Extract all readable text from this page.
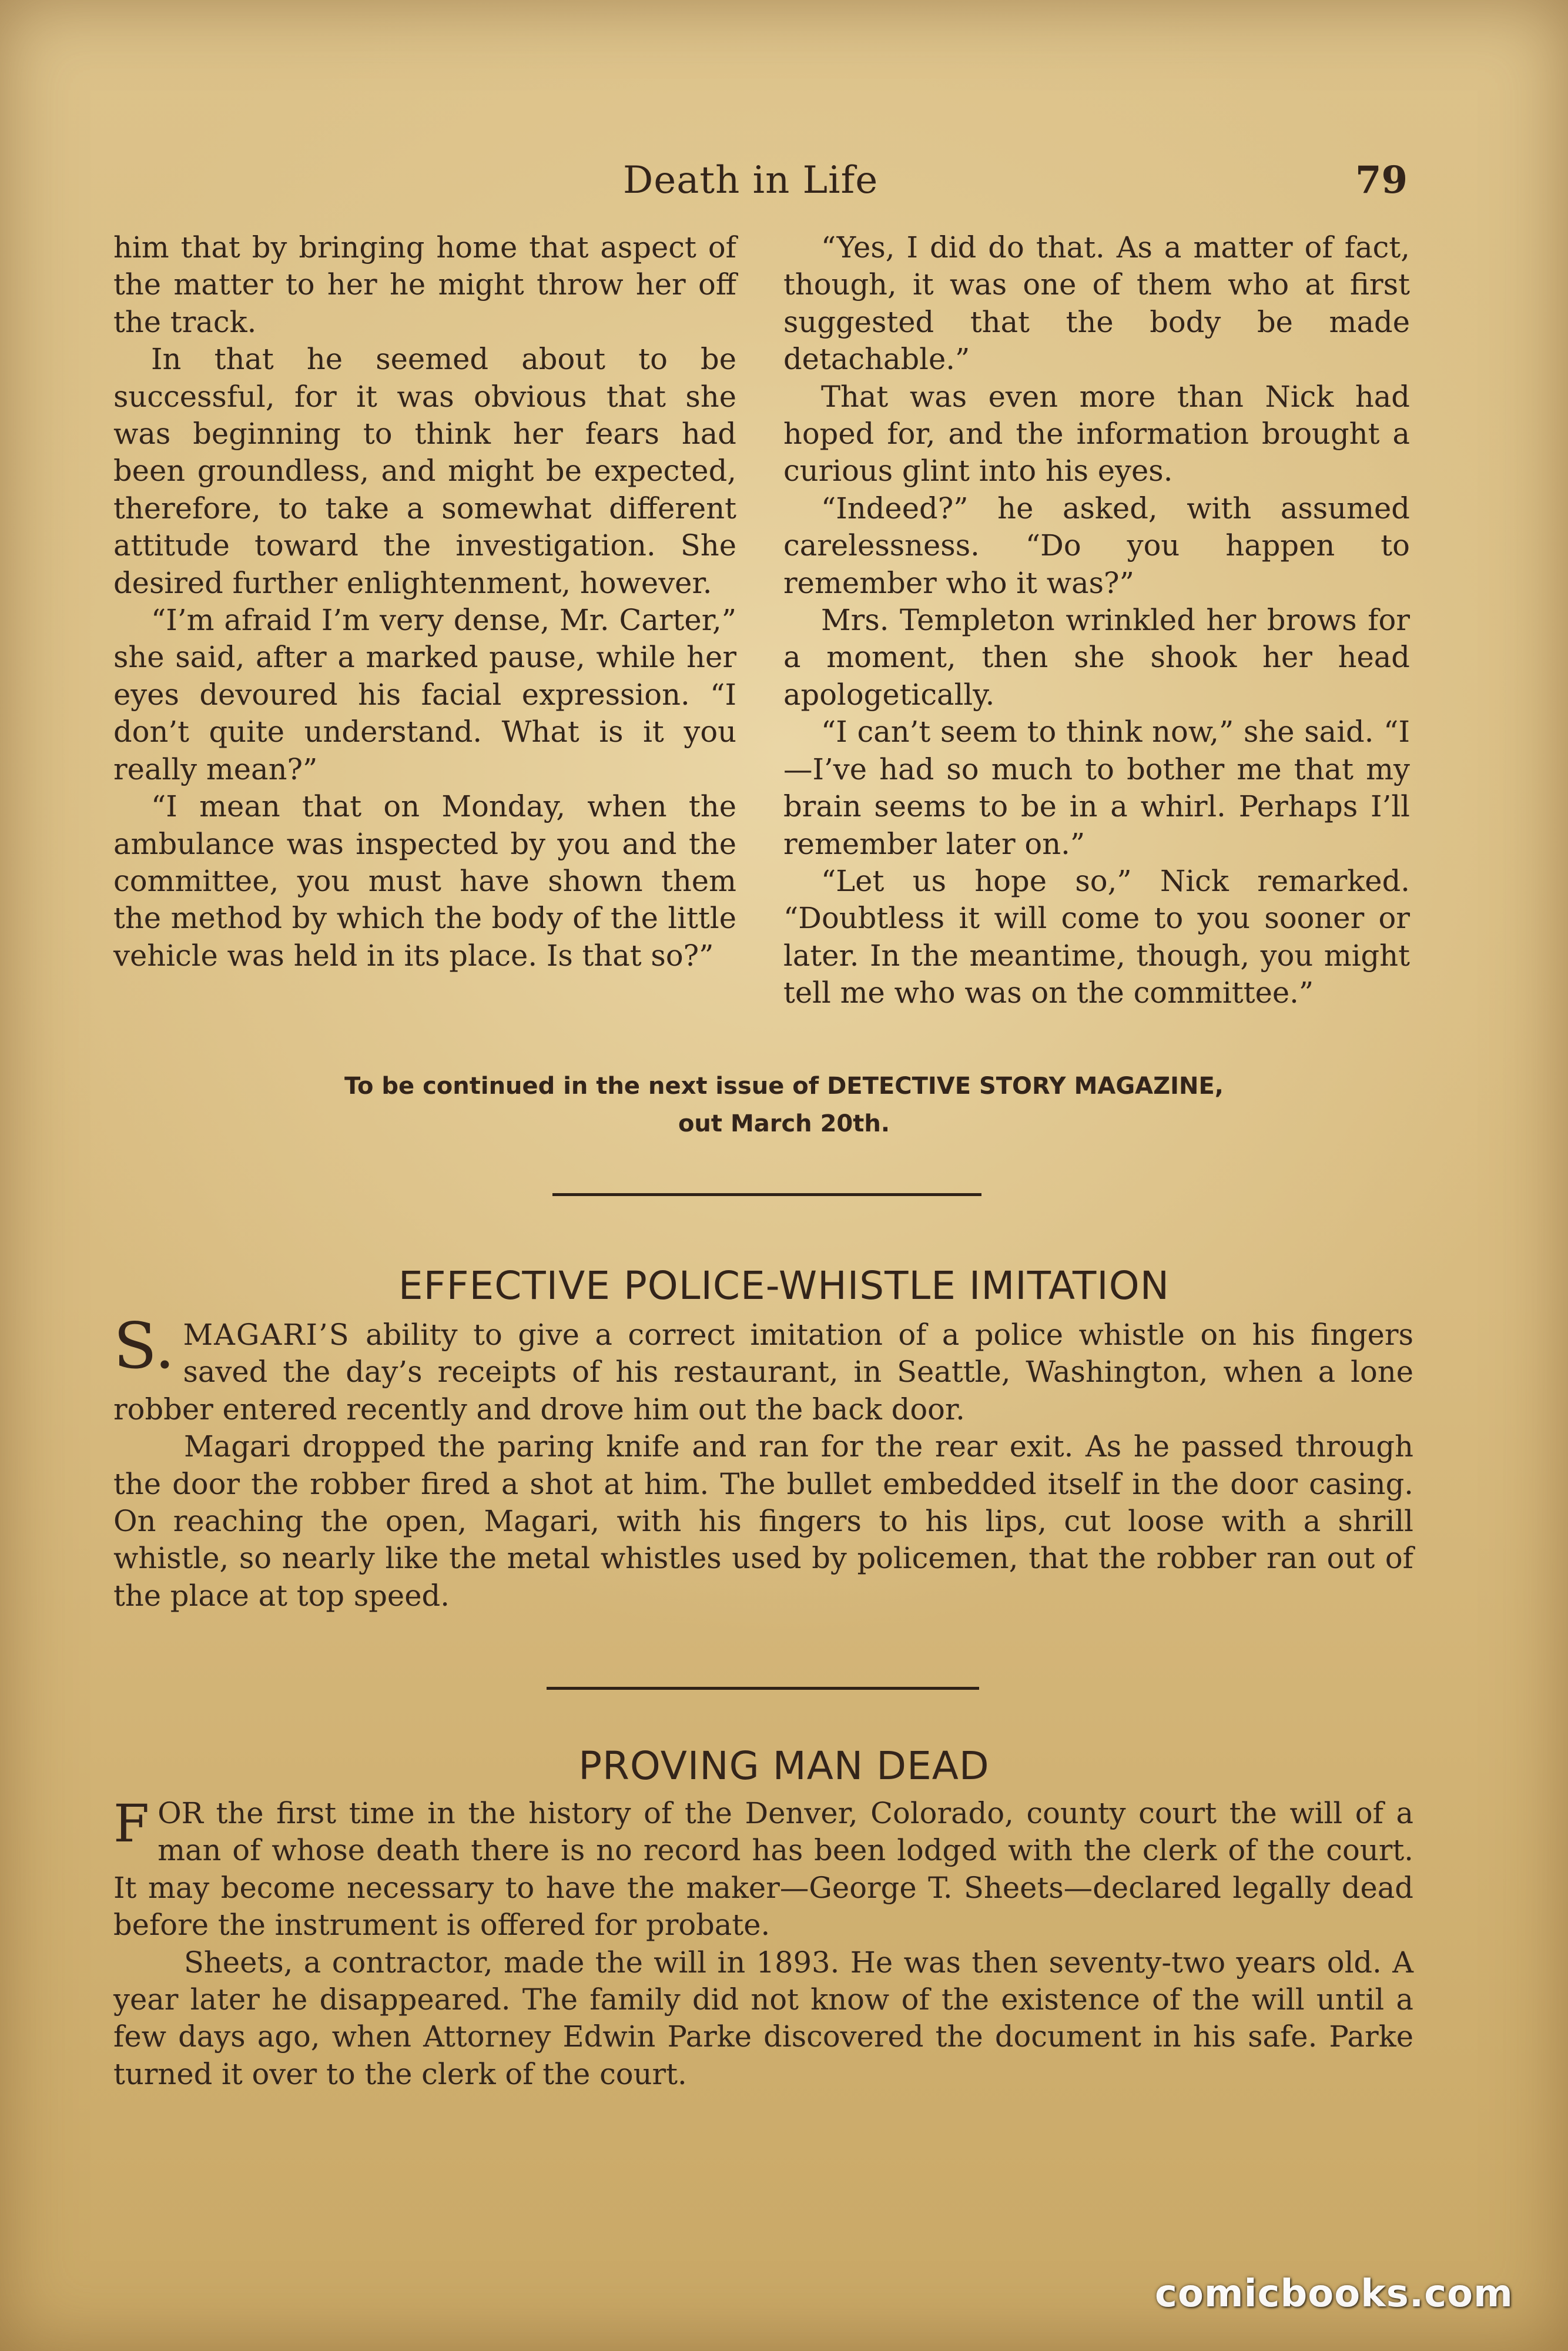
Death in Life	79

him that by bringing home that aspect of the matter to her he might throw her off the track.

In that he seemed about to be successful, for it was obvious that she was beginning to think her fears had been groundless, and might be expected, therefore, to take a somewhat different attitude toward the investigation. She desired further enlightenment, however.

“I’m afraid I’m very dense, Mr. Carter,” she said, after a marked pause, while her eyes devoured his facial expression. “I don’t quite understand. What is it you really mean?”

“I mean that on Monday, when the ambulance was inspected by you and the committee, you must have shown them the method by which the body of the little vehicle was held in its place. Is that so?”

“Yes, I did do that. As a matter of fact, though, it was one of them who at first suggested that the body be made detachable.”

That was even more than Nick had hoped for, and the information brought a curious glint into his eyes.

“Indeed?” he asked, with assumed carelessness. “Do you happen to remember who it was?”

Mrs. Templeton wrinkled her brows for a moment, then she shook her head apologetically.

“I can’t seem to think now,” she said. “I—I’ve had so much to bother me that my brain seems to be in a whirl. Perhaps I’ll remember later on.”

“Let us hope so,” Nick remarked. “Doubtless it will come to you sooner or later. In the meantime, though, you might tell me who was on the committee.”

To be continued in the next issue of DETECTIVE STORY MAGAZINE,
out March 20th.
EFFECTIVE POLICE-WHISTLE IMITATION

S. MAGARI’S ability to give a correct imitation of a police whistle on his fingers saved the day’s receipts of his restaurant, in Seattle, Washington, when a lone robber entered recently and drove him out the back door.

Magari dropped the paring knife and ran for the rear exit. As he passed through the door the robber fired a shot at him. The bullet embedded itself in the door casing. On reaching the open, Magari, with his fingers to his lips, cut loose with a shrill whistle, so nearly like the metal whistles used by policemen, that the robber ran out of the place at top speed.

PROVING MAN DEAD

FOR the first time in the history of the Denver, Colorado, county court the will of a man of whose death there is no record has been lodged with the clerk of the court. It may become necessary to have the maker—George T. Sheets—declared legally dead before the instrument is offered for probate.

Sheets, a contractor, made the will in 1893. He was then seventy-two years old. A year later he disappeared. The family did not know of the existence of the will until a few days ago, when Attorney Edwin Parke discovered the document in his safe. Parke turned it over to the clerk of the court.

comicbooks.com
